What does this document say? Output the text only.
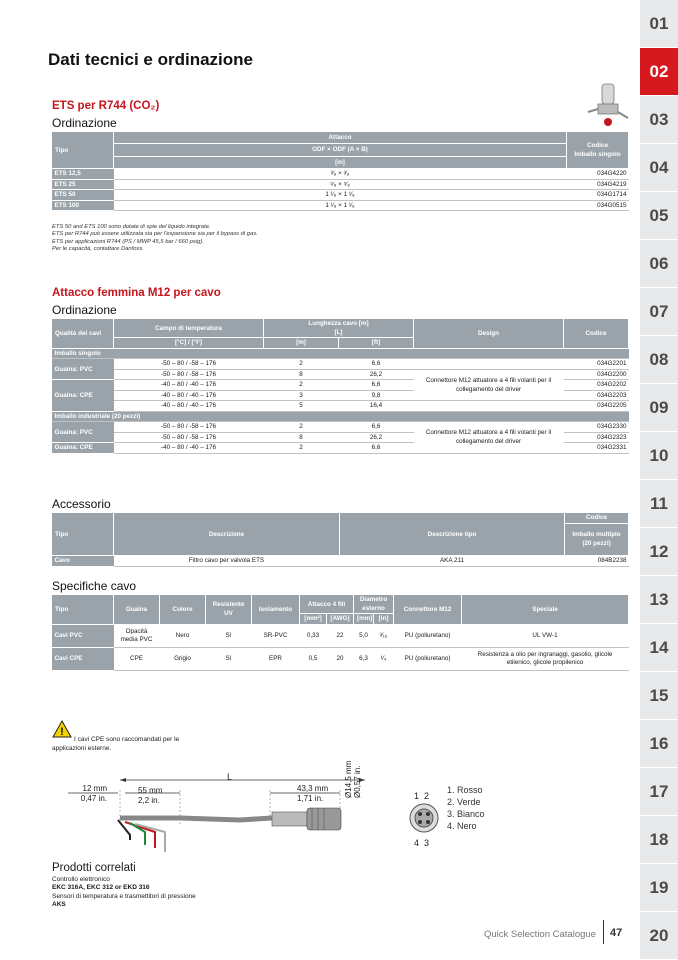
01
02
03
04
05
06
07
08
09
10
11
12
13
14
15
16
17
18
19
20
Dati tecnici e ordinazione
ETS per R744 (CO₂)
Ordinazione
Tipo	Attacco	Codice
Imballo singolo
	ODF × ODF (A × B)	
	[in]	
ETS 12,5	³⁄₈ × ³⁄₈	034G4220
ETS 25	⁵⁄₈ × ⁵⁄₈	034G4219
ETS 50	1 ¹⁄₈ × 1 ¹⁄₈	034G1714
ETS 100	1 ¹⁄₈ × 1 ¹⁄₈	034G0515
ETS 50 and ETS 100 sono dotate di spie del liquido integrate.
ETS per R744 può essere utilizzata sia per l'espansione sia per il bypass di gas.
ETS per applicazioni R744 (PS / MWP 45,5 bar / 660 psig).
Per le capacità, contattare Danfoss.
Attacco femmina M12 per cavo
Ordinazione
Qualità dei cavi	Campo di temperatura	Lunghezza cavo [m]
[L]		Design	Codice
	[°C] / [°F]	[m]	[ft]		
Imballo singolo					
Guaina: PVC	-50 – 80 / -58 – 176	2	6,6		034G2201
	-50 – 80 / -58 – 176	8	26,2	Connettore M12 attuatore a 4 fili volanti per il collegamento del driver	034G2200
Guaina: CPE	-40 – 80 / -40 – 176	2	6,6		034G2202
	-40 – 80 / -40 – 176	3	9,8		034G2203
	-40 – 80 / -40 – 176	5	16,4		034G2205
Imballo industriale (20 pezzi)					
Guaina: PVC	-50 – 80 / -58 – 176	2	6,6	Connettore M12 attuatore a 4 fili volanti per il collegamento del driver	034G2330
	-50 – 80 / -58 – 176	8	26,2		034G2323
Guaina: CPE	-40 – 80 / -40 – 176	2	6,6		034G2331
Accessorio
Tipo	Descrizione	Descrizione tipo	Codice
			Imballo multiplo (20 pezzi)
Cavo	Filtro cavo per valvola ETS	AKA 211	084B2238
Specifiche cavo
Tipo	Guaina	Colore	Resistente UV	Isolamento	Attacco 4 fili		Diametro esterno		Connettore M12	Speciale
					[mm²]	[AWG]	[mm]	[in]		
Cavi PVC	Opacità media PVC	Nero	Sì	SR-PVC	0,33	22	5,0	³⁄₁₆	PU (poliuretano)	UL VW-1
Cavi CPE	CPE	Grigio	Sì	EPR	0,5	20	6,3	¹⁄₄	PU (poliuretano)	Resistenza a olio per ingranaggi, gasolio, glicole etilenico, glicole propilenico
!
I cavi CPE sono raccomandati per le applicazioni esterne.
L
12 mm
0,47 in.
55 mm
2,2 in.
43,3 mm
1,71 in.
Ø14,5 mm
Ø0,57 in.	1  2
4  3
1. Rosso
2. Verde
3. Bianco
4. Nero
Prodotti correlati
Controllo elettronico
EKC 316A, EKC 312 or EKD 316
Sensori di temperatura e trasmettitori di pressione
AKS
Quick Selection Catalogue 47
